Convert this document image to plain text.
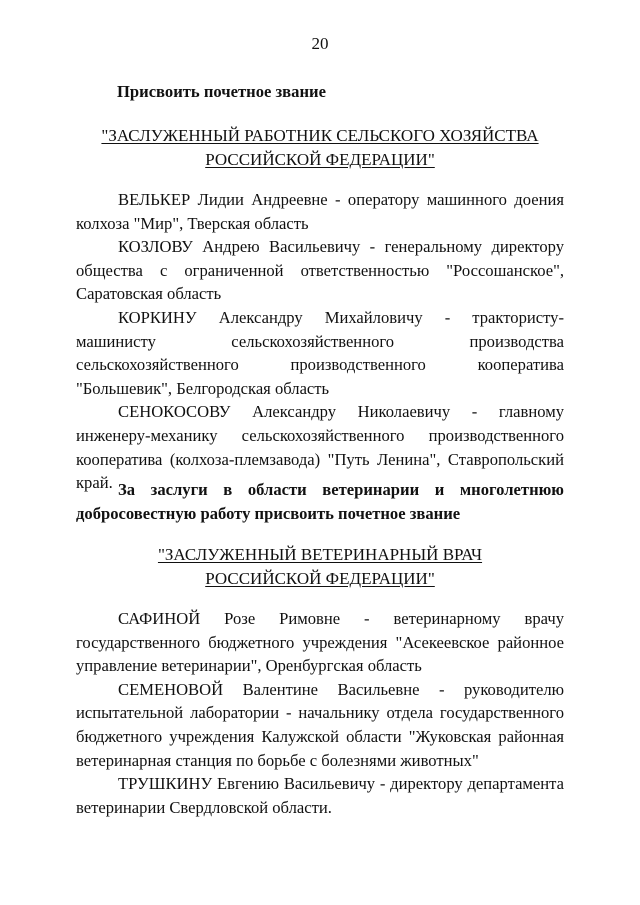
20
Присвоить почетное звание
"ЗАСЛУЖЕННЫЙ РАБОТНИК СЕЛЬСКОГО ХОЗЯЙСТВА
РОССИЙСКОЙ ФЕДЕРАЦИИ"

ВЕЛЬКЕР Лидии Андреевне - оператору машинного доения колхоза "Мир", Тверская область

КОЗЛОВУ Андрею Васильевичу - генеральному директору общества с ограниченной ответственностью "Россошанское", Саратовская область

КОРКИНУ Александру Михайловичу - трактористу-машинисту сельскохозяйственного производства сельскохозяйственного производственного кооператива "Большевик", Белгородская область

СЕНОКОСОВУ Александру Николаевичу - главному инженеру-механику сельскохозяйственного производственного кооператива (колхоза-племзавода) "Путь Ленина", Ставропольский край. За заслуги в области ветеринарии и многолетнюю добросовестную работу присвоить почетное звание

"ЗАСЛУЖЕННЫЙ ВЕТЕРИНАРНЫЙ ВРАЧ
РОССИЙСКОЙ ФЕДЕРАЦИИ"

САФИНОЙ Розе Римовне - ветеринарному врачу государственного бюджетного учреждения "Асекеевское районное управление ветеринарии", Оренбургская область

СЕМЕНОВОЙ Валентине Васильевне - руководителю испытательной лаборатории - начальнику отдела государственного бюджетного учреждения Калужской области "Жуковская районная ветеринарная станция по борьбе с болезнями животных"

ТРУШКИНУ Евгению Васильевичу - директору департамента ветеринарии Свердловской области.
